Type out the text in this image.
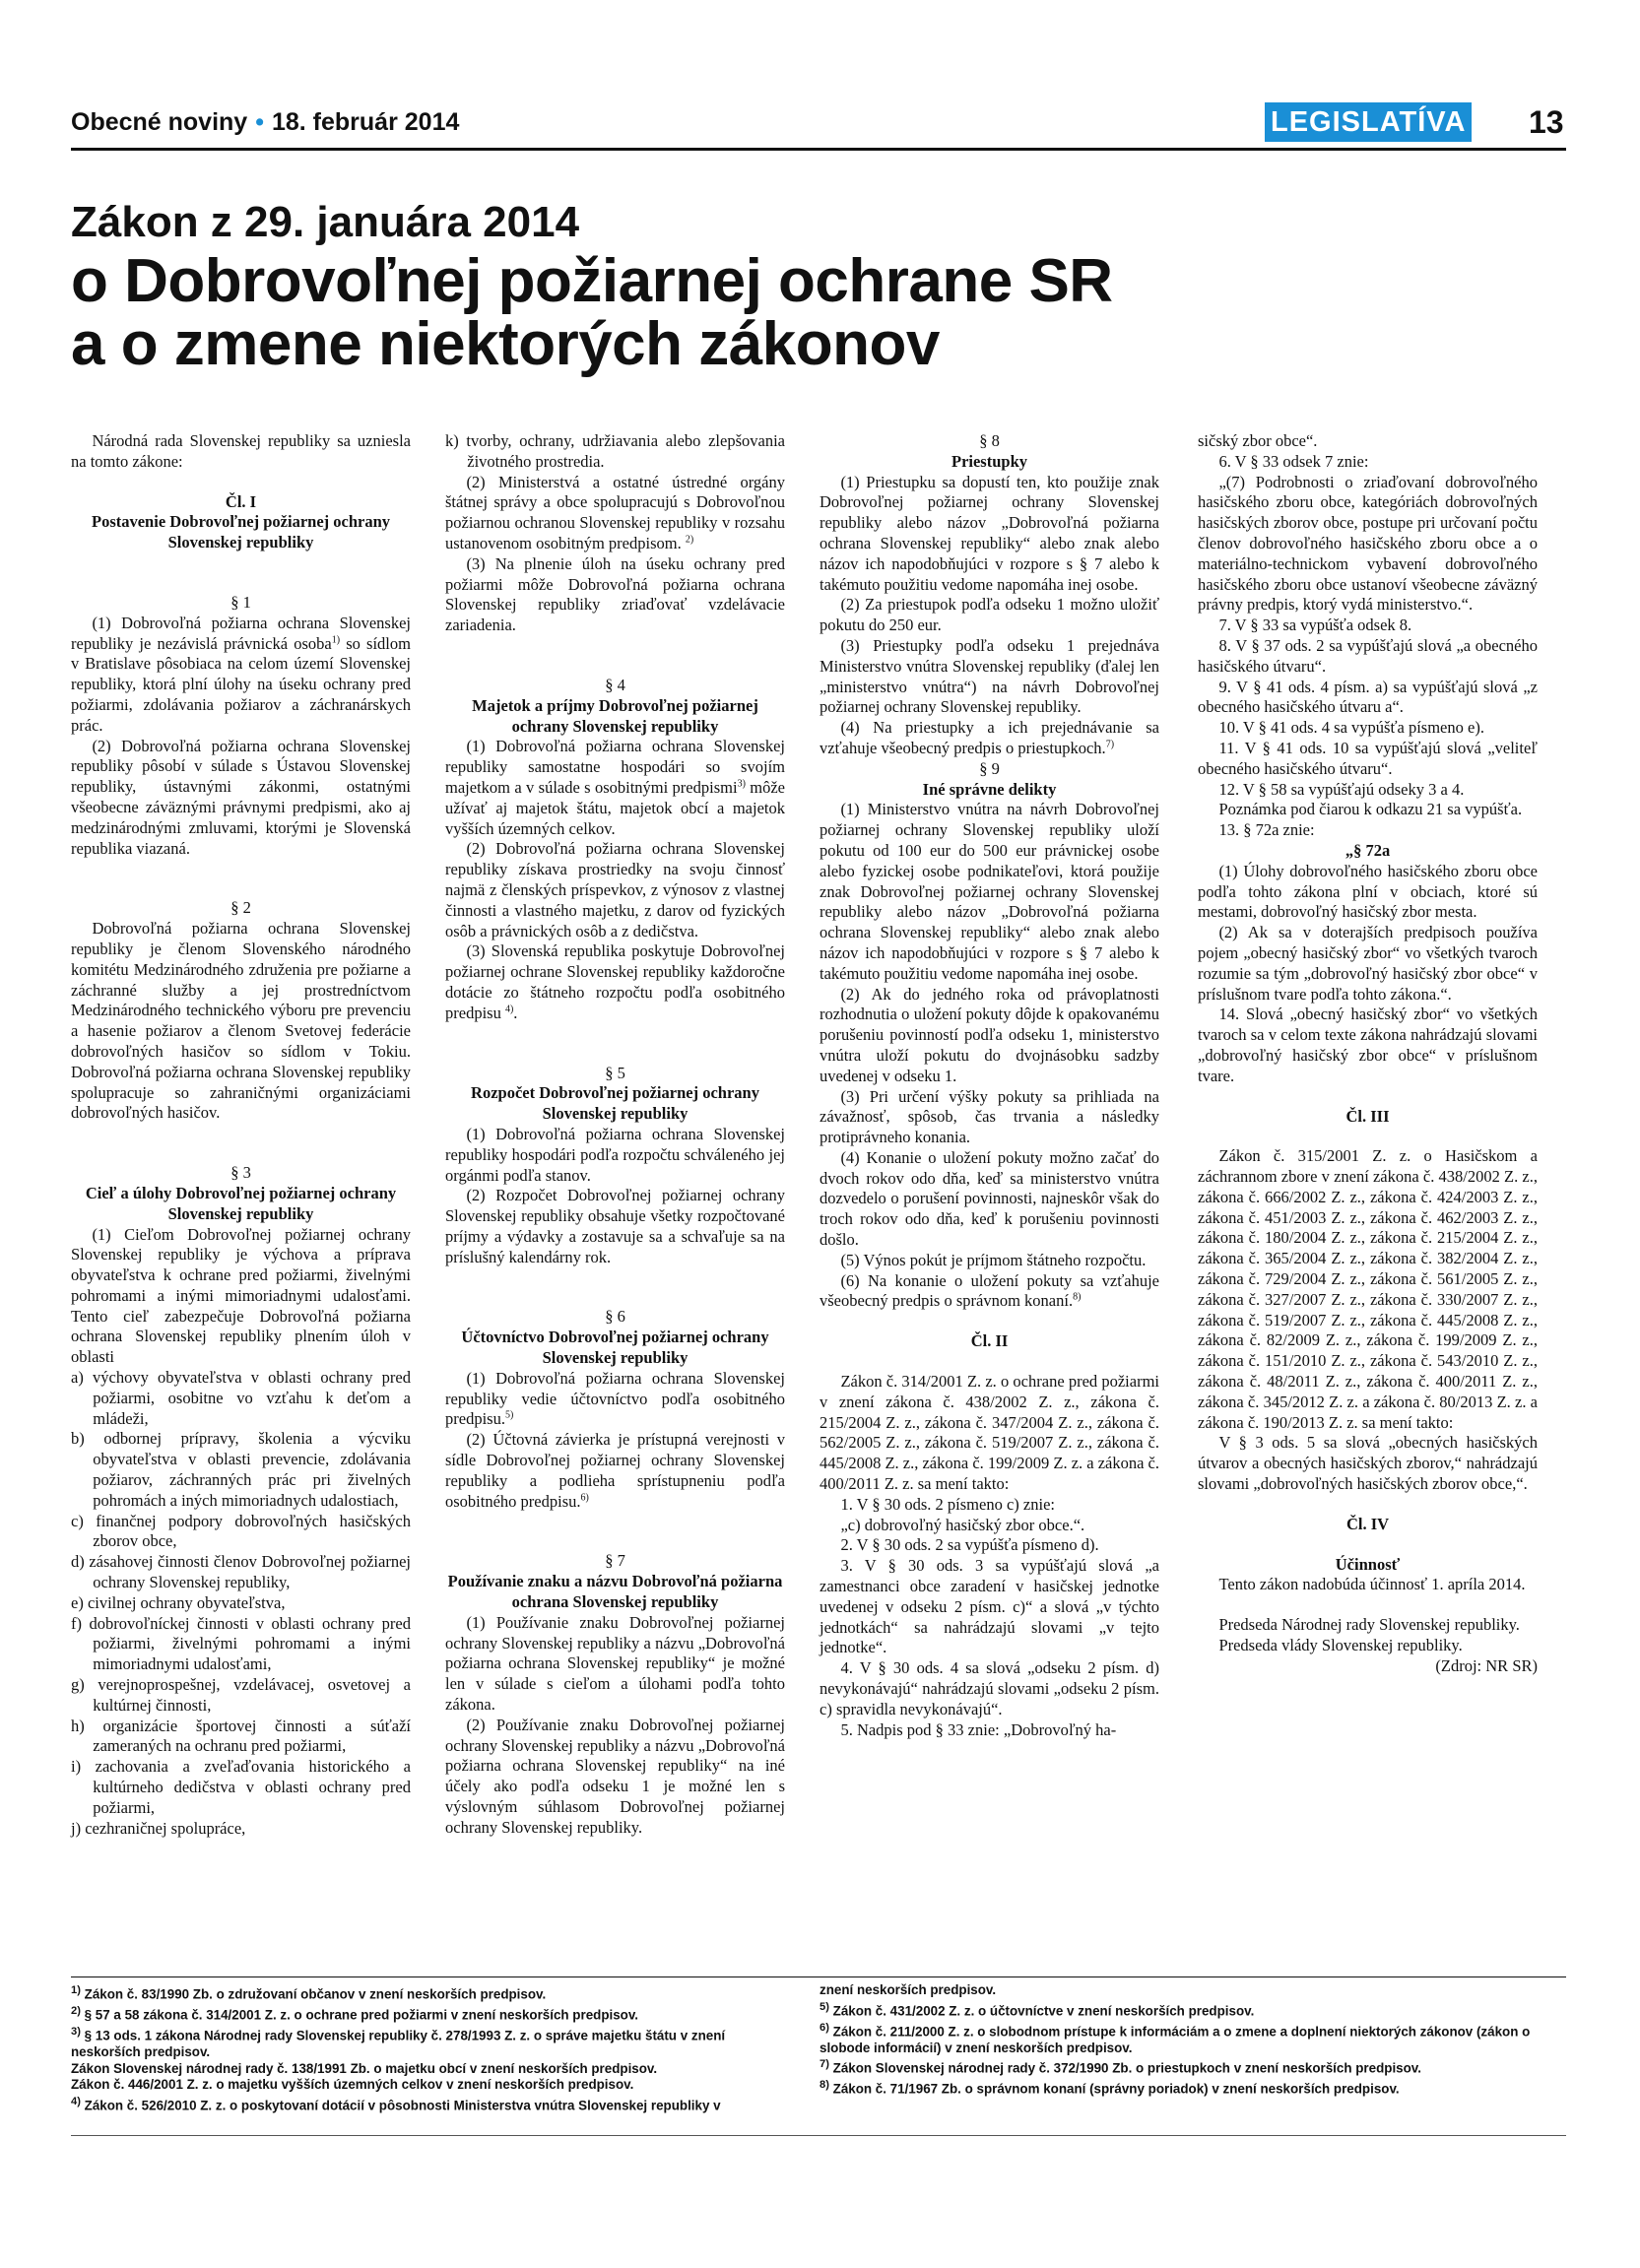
Obecné noviny • 18. február 2014	LEGISLATÍVA 13
Zákon z 29. januára 2014
o Dobrovoľnej požiarnej ochrane SR
a o zmene niektorých zákonov

Národná rada Slovenskej republiky sa uzniesla na tomto zákone:

Čl. I
Postavenie Dobrovoľnej požiarnej ochrany Slovenskej republiky
§ 1

(1) Dobrovoľná požiarna ochrana Slovenskej republiky je nezávislá právnická osoba$^{1)}$ so sídlom v Bratislave pôsobiaca na celom území Slovenskej republiky, ktorá plní úlohy na úseku ochrany pred požiarmi, zdolávania požiarov a záchranárskych prác.

(2) Dobrovoľná požiarna ochrana Slovenskej republiky pôsobí v súlade s Ústavou Slovenskej republiky, ústavnými zákonmi, ostatnými všeobecne záväznými právnymi predpismi, ako aj medzinárodnými zmluvami, ktorými je Slovenská republika viazaná.

§ 2

Dobrovoľná požiarna ochrana Slovenskej republiky je členom Slovenského národného komitétu Medzinárodného združenia pre požiarne a záchranné služby a jej prostredníctvom Medzinárodného technického výboru pre prevenciu a hasenie požiarov a členom Svetovej federácie dobrovoľných hasičov so sídlom v Tokiu. Dobrovoľná požiarna ochrana Slovenskej republiky spolupracuje so zahraničnými organizáciami dobrovoľných hasičov.

§ 3
Cieľ a úlohy Dobrovoľnej požiarnej ochrany Slovenskej republiky

(1) Cieľom Dobrovoľnej požiarnej ochrany Slovenskej republiky je výchova a príprava obyvateľstva k ochrane pred požiarmi, živelnými pohromami a inými mimoriadnymi udalosťami. Tento cieľ zabezpečuje Dobrovoľná požiarna ochrana Slovenskej republiky plnením úloh v oblasti

a) výchovy obyvateľstva v oblasti ochrany pred požiarmi, osobitne vo vzťahu k deťom a mládeži,

b) odbornej prípravy, školenia a výcviku obyvateľstva v oblasti prevencie, zdolávania požiarov, záchranných prác pri živelných pohromách a iných mimoriadnych udalostiach,

c) finančnej podpory dobrovoľných hasičských zborov obce,

d) zásahovej činnosti členov Dobrovoľnej požiarnej ochrany Slovenskej republiky,

e) civilnej ochrany obyvateľstva,

f) dobrovoľníckej činnosti v oblasti ochrany pred požiarmi, živelnými pohromami a inými mimoriadnymi udalosťami,

g) verejnoprospešnej, vzdelávacej, osvetovej a kultúrnej činnosti,

h) organizácie športovej činnosti a súťaží zameraných na ochranu pred požiarmi,

i) zachovania a zveľaďovania historického a kultúrneho dedičstva v oblasti ochrany pred požiarmi,

j) cezhraničnej spolupráce,

k) tvorby, ochrany, udržiavania alebo zlepšovania životného prostredia.

(2) Ministerstvá a ostatné ústredné orgány štátnej správy a obce spolupracujú s Dobrovoľnou požiarnou ochranou Slovenskej republiky v rozsahu ustanovenom osobitným predpisom. $^{2)}$

(3) Na plnenie úloh na úseku ochrany pred požiarmi môže Dobrovoľná požiarna ochrana Slovenskej republiky zriaďovať vzdelávacie zariadenia.

§ 4
Majetok a príjmy Dobrovoľnej požiarnej ochrany Slovenskej republiky

(1) Dobrovoľná požiarna ochrana Slovenskej republiky samostatne hospodári so svojím majetkom a v súlade s osobitnými predpismi$^{3)}$ môže užívať aj majetok štátu, majetok obcí a majetok vyšších územných celkov.

(2) Dobrovoľná požiarna ochrana Slovenskej republiky získava prostriedky na svoju činnosť najmä z členských príspevkov, z výnosov z vlastnej činnosti a vlastného majetku, z darov od fyzických osôb a právnických osôb a z dedičstva.

(3) Slovenská republika poskytuje Dobrovoľnej požiarnej ochrane Slovenskej republiky každoročne dotácie zo štátneho rozpočtu podľa osobitného predpisu $^{4)}$.

§ 5
Rozpočet Dobrovoľnej požiarnej ochrany Slovenskej republiky

(1) Dobrovoľná požiarna ochrana Slovenskej republiky hospodári podľa rozpočtu schváleného jej orgánmi podľa stanov.

(2) Rozpočet Dobrovoľnej požiarnej ochrany Slovenskej republiky obsahuje všetky rozpočtované príjmy a výdavky a zostavuje sa a schvaľuje sa na príslušný kalendárny rok.

§ 6
Účtovníctvo Dobrovoľnej požiarnej ochrany Slovenskej republiky

(1) Dobrovoľná požiarna ochrana Slovenskej republiky vedie účtovníctvo podľa osobitného predpisu.$^{5)}$

(2) Účtovná závierka je prístupná verejnosti v sídle Dobrovoľnej požiarnej ochrany Slovenskej republiky a podlieha sprístupneniu podľa osobitného predpisu.$^{6)}$

§ 7
Používanie znaku a názvu Dobrovoľná požiarna ochrana Slovenskej republiky

(1) Používanie znaku Dobrovoľnej požiarnej ochrany Slovenskej republiky a názvu „Dobrovoľná požiarna ochrana Slovenskej republiky“ je možné len v súlade s cieľom a úlohami podľa tohto zákona.

(2) Používanie znaku Dobrovoľnej požiarnej ochrany Slovenskej republiky a názvu „Dobrovoľná požiarna ochrana Slovenskej republiky“ na iné účely ako podľa odseku 1 je možné len s výslovným súhlasom Dobrovoľnej požiarnej ochrany Slovenskej republiky.

§ 8
Priestupky

(1) Priestupku sa dopustí ten, kto použije znak Dobrovoľnej požiarnej ochrany Slovenskej republiky alebo názov „Dobrovoľná požiarna ochrana Slovenskej republiky“ alebo znak alebo názov ich napodobňujúci v rozpore s § 7 alebo k takémuto použitiu vedome napomáha inej osobe.

(2) Za priestupok podľa odseku 1 možno uložiť pokutu do 250 eur.

(3) Priestupky podľa odseku 1 prejednáva Ministerstvo vnútra Slovenskej republiky (ďalej len „ministerstvo vnútra“) na návrh Dobrovoľnej požiarnej ochrany Slovenskej republiky.

(4) Na priestupky a ich prejednávanie sa vzťahuje všeobecný predpis o priestupkoch.$^{7)}$

§ 9
Iné správne delikty

(1) Ministerstvo vnútra na návrh Dobrovoľnej požiarnej ochrany Slovenskej republiky uloží pokutu od 100 eur do 500 eur právnickej osobe alebo fyzickej osobe podnikateľovi, ktorá použije znak Dobrovoľnej požiarnej ochrany Slovenskej republiky alebo názov „Dobrovoľná požiarna ochrana Slovenskej republiky“ alebo znak alebo názov ich napodobňujúci v rozpore s § 7 alebo k takémuto použitiu vedome napomáha inej osobe.

(2) Ak do jedného roka od právoplatnosti rozhodnutia o uložení pokuty dôjde k opakovanému porušeniu povinností podľa odseku 1, ministerstvo vnútra uloží pokutu do dvojnásobku sadzby uvedenej v odseku 1.

(3) Pri určení výšky pokuty sa prihliada na závažnosť, spôsob, čas trvania a následky protiprávneho konania.

(4) Konanie o uložení pokuty možno začať do dvoch rokov odo dňa, keď sa ministerstvo vnútra dozvedelo o porušení povinnosti, najneskôr však do troch rokov odo dňa, keď k porušeniu povinnosti došlo.

(5) Výnos pokút je príjmom štátneho rozpočtu.

(6) Na konanie o uložení pokuty sa vzťahuje všeobecný predpis o správnom konaní.$^{8)}$

Čl. II

Zákon č. 314/2001 Z. z. o ochrane pred požiarmi v znení zákona č. 438/2002 Z. z., zákona č. 215/2004 Z. z., zákona č. 347/2004 Z. z., zákona č. 562/2005 Z. z., zákona č. 519/2007 Z. z., zákona č. 445/2008 Z. z., zákona č. 199/2009 Z. z. a zákona č. 400/2011 Z. z. sa mení takto:

1. V § 30 ods. 2 písmeno c) znie:

„c) dobrovoľný hasičský zbor obce.“.

2. V § 30 ods. 2 sa vypúšťa písmeno d).

3. V § 30 ods. 3 sa vypúšťajú slová „a zamestnanci obce zaradení v hasičskej jednotke uvedenej v odseku 2 písm. c)“ a slová „v týchto jednotkách“ sa nahrádzajú slovami „v tejto jednotke“.

4. V § 30 ods. 4 sa slová „odseku 2 písm. d) nevykonávajú“ nahrádzajú slovami „odseku 2 písm. c) spravidla nevykonávajú“.

5. Nadpis pod § 33 znie: „Dobrovoľný ha-

sičský zbor obce“.

6. V § 33 odsek 7 znie:

„(7) Podrobnosti o zriaďovaní dobrovoľného hasičského zboru obce, kategóriách dobrovoľných hasičských zborov obce, postupe pri určovaní počtu členov dobrovoľného hasičského zboru obce a o materiálno-technickom vybavení dobrovoľného hasičského zboru obce ustanoví všeobecne záväzný právny predpis, ktorý vydá ministerstvo.“.

7. V § 33 sa vypúšťa odsek 8.

8. V § 37 ods. 2 sa vypúšťajú slová „a obecného hasičského útvaru“.

9. V § 41 ods. 4 písm. a) sa vypúšťajú slová „z obecného hasičského útvaru a“.

10. V § 41 ods. 4 sa vypúšťa písmeno e).

11. V § 41 ods. 10 sa vypúšťajú slová „veliteľ obecného hasičského útvaru“.

12. V § 58 sa vypúšťajú odseky 3 a 4.

Poznámka pod čiarou k odkazu 21 sa vypúšťa.

13. § 72a znie:

„§ 72a

(1) Úlohy dobrovoľného hasičského zboru obce podľa tohto zákona plní v obciach, ktoré sú mestami, dobrovoľný hasičský zbor mesta.

(2) Ak sa v doterajších predpisoch používa pojem „obecný hasičský zbor“ vo všetkých tvaroch rozumie sa tým „dobrovoľný hasičský zbor obce“ v príslušnom tvare podľa tohto zákona.“.

14. Slová „obecný hasičský zbor“ vo všetkých tvaroch sa v celom texte zákona nahrádzajú slovami „dobrovoľný hasičský zbor obce“ v príslušnom tvare.

Čl. III

Zákon č. 315/2001 Z. z. o Hasičskom a záchrannom zbore v znení zákona č. 438/2002 Z. z., zákona č. 666/2002 Z. z., zákona č. 424/2003 Z. z., zákona č. 451/2003 Z. z., zákona č. 462/2003 Z. z., zákona č. 180/2004 Z. z., zákona č. 215/2004 Z. z., zákona č. 365/2004 Z. z., zákona č. 382/2004 Z. z., zákona č. 729/2004 Z. z., zákona č. 561/2005 Z. z., zákona č. 327/2007 Z. z., zákona č. 330/2007 Z. z., zákona č. 519/2007 Z. z., zákona č. 445/2008 Z. z., zákona č. 82/2009 Z. z., zákona č. 199/2009 Z. z., zákona č. 151/2010 Z. z., zákona č. 543/2010 Z. z., zákona č. 48/2011 Z. z., zákona č. 400/2011 Z. z., zákona č. 345/2012 Z. z. a zákona č. 80/2013 Z. z. a zákona č. 190/2013 Z. z. sa mení takto:

V § 3 ods. 5 sa slová „obecných hasičských útvarov a obecných hasičských zborov,“ nahrádzajú slovami „dobrovoľných hasičských zborov obce,“.

Čl. IV
Účinnosť

Tento zákon nadobúda účinnosť 1. apríla 2014.

Predseda Národnej rady Slovenskej republiky.

Predseda vlády Slovenskej republiky.

(Zdroj: NR SR)
$^{1)}$ Zákon č. 83/1990 Zb. o združovaní občanov v znení neskorších predpisov.
$^{2)}$ § 57 a 58 zákona č. 314/2001 Z. z. o ochrane pred požiarmi v znení neskorších predpisov.
$^{3)}$ § 13 ods. 1 zákona Národnej rady Slovenskej republiky č. 278/1993 Z. z. o správe majetku štátu v znení neskorších predpisov.
Zákon Slovenskej národnej rady č. 138/1991 Zb. o majetku obcí v znení neskorších predpisov.
Zákon č. 446/2001 Z. z. o majetku vyšších územných celkov v znení neskorších predpisov.
$^{4)}$ Zákon č. 526/2010 Z. z. o poskytovaní dotácií v pôsobnosti Ministerstva vnútra Slovenskej republiky v
znení neskorších predpisov.
$^{5)}$ Zákon č. 431/2002 Z. z. o účtovníctve v znení neskorších predpisov.
$^{6)}$ Zákon č. 211/2000 Z. z. o slobodnom prístupe k informáciám a o zmene a doplnení niektorých zákonov (zákon o slobode informácií) v znení neskorších predpisov.
$^{7)}$ Zákon Slovenskej národnej rady č. 372/1990 Zb. o priestupkoch v znení neskorších predpisov.
$^{8)}$ Zákon č. 71/1967 Zb. o správnom konaní (správny poriadok) v znení neskorších predpisov.
